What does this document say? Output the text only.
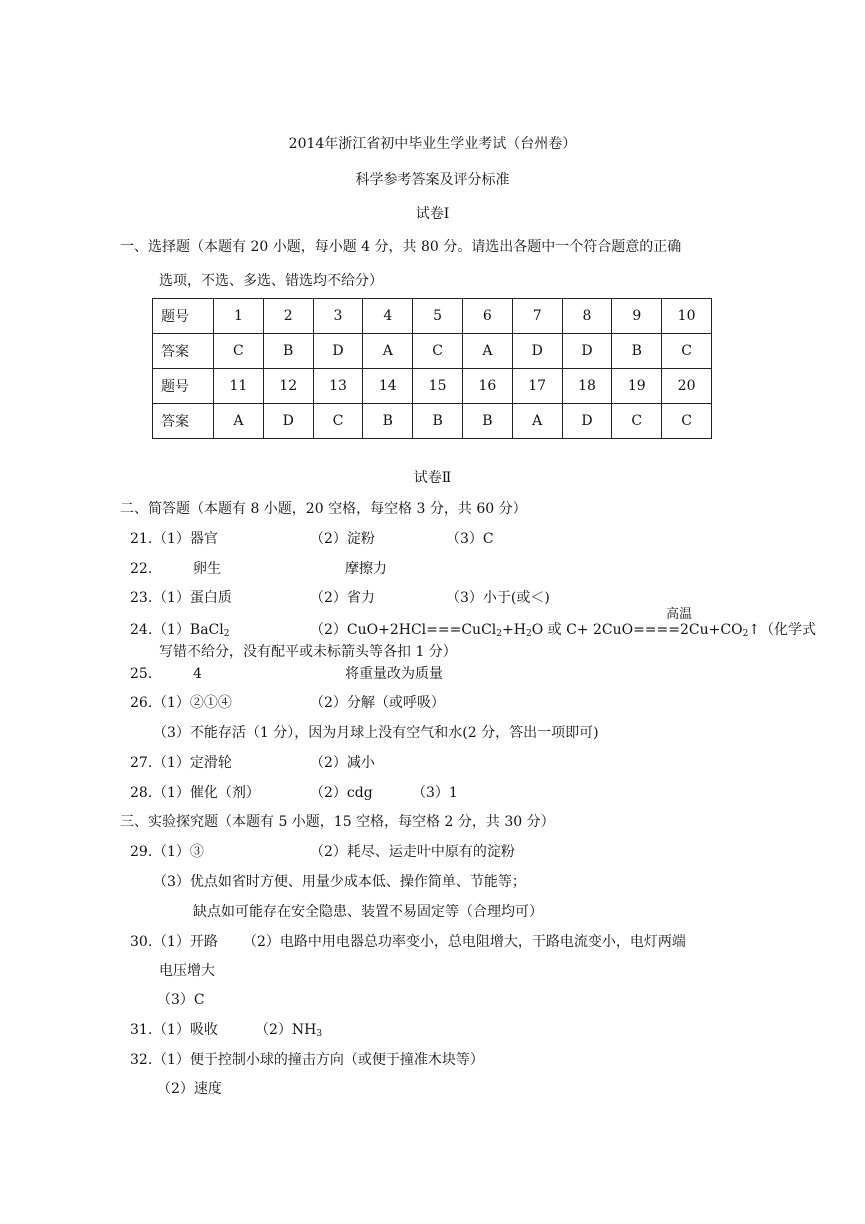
2014年浙江省初中毕业生学业考试（台州卷）
科学参考答案及评分标准
试卷Ⅰ
一、选择题（本题有 20 小题，每小题 4 分，共 80 分。请选出各题中一个符合题意的正确
选项，不选、多选、错选均不给分）
题号	1	2	3	4	5	6	7	8	9	10
答案	C	B	D	A	C	A	D	D	B	C
题号	11	12	13	14	15	16	17	18	19	20
答案	A	D	C	B	B	B	A	D	C	C
试卷Ⅱ
二、简答题（本题有 8 小题，20 空格，每空格 3 分，共 60 分）
21. （1）器官	（2）淀粉	（3）C
22.	卵生	摩擦力
23. （1）蛋白质	（2）省力	（3）小于(或＜)
24. （1）BaCl$_2$	$(2)CuO+2HCl===CuCl_2+H_2O$ 或 C+ 2CuO
高温
$====2Cu+CO_2↑$（化学式
写错不给分，没有配平或未标箭头等各扣 1 分）
25.	4	将重量改为质量
26. （1）②①④	（2）分解（或呼吸）
（3）不能存活（1 分），因为月球上没有空气和水(2 分，答出一项即可)
27. （1）定滑轮	（2）减小
28. （1）催化（剂）	（2）cdg	（3）1
三、实验探究题（本题有 5 小题，15 空格，每空格 2 分，共 30 分）
29. （1）③	（2）耗尽、运走叶中原有的淀粉
（3）优点如省时方便、用量少成本低、操作简单、节能等；
缺点如可能存在安全隐患、装置不易固定等（合理均可）
30. （1）开路 （2）电路中用电器总功率变小，总电阻增大，干路电流变小，电灯两端
电压增大
（3）C
31. （1）吸收	$(2)NH_3$
32. （1）便于控制小球的撞击方向（或便于撞准木块等）
（2）速度
